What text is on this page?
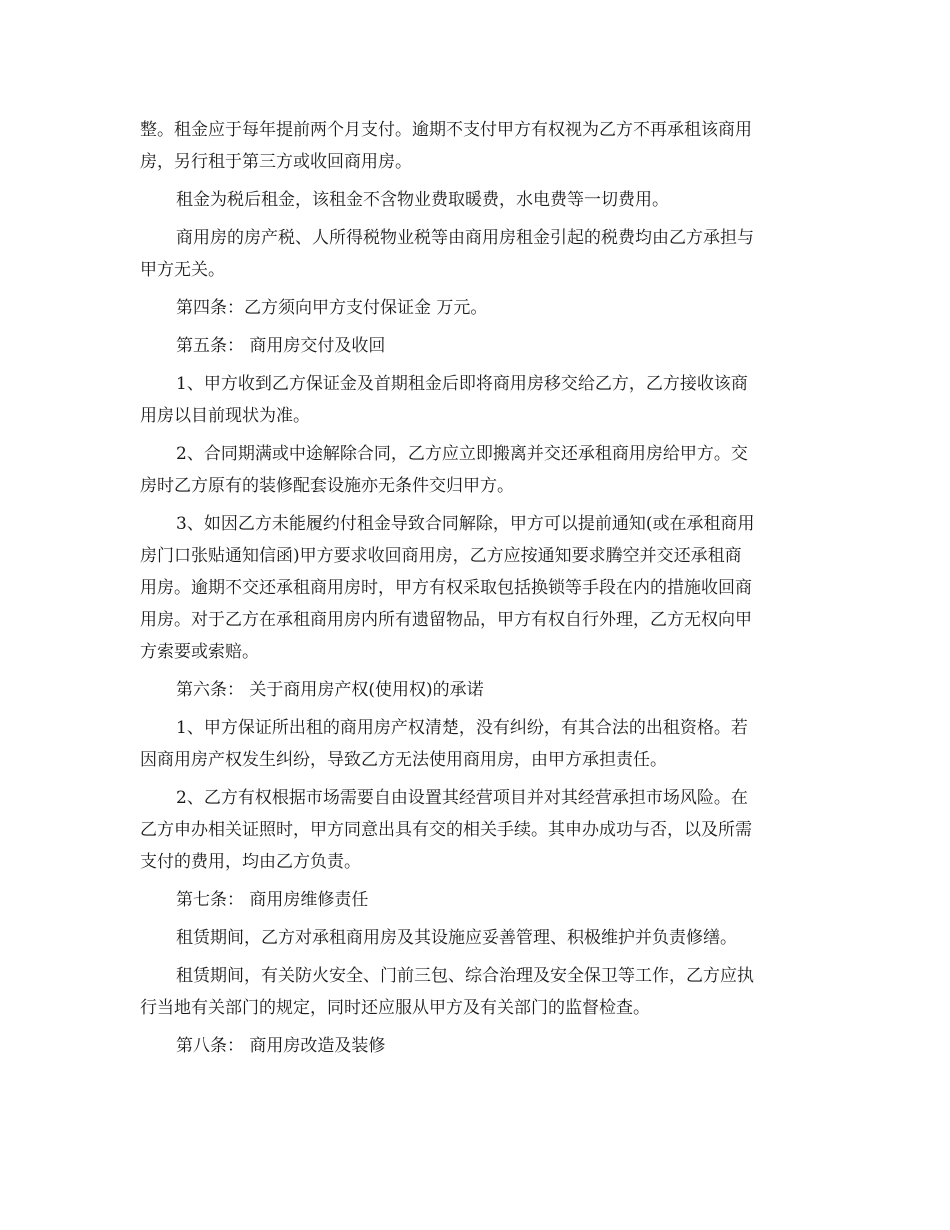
整。租金应于每年提前两个月支付。逾期不支付甲方有权视为乙方不再承租该商用
房，另行租于第三方或收回商用房。
租金为税后租金，该租金不含物业费取暖费，水电费等一切费用。
商用房的房产税、人所得税物业税等由商用房租金引起的税费均由乙方承担与
甲方无关。
第四条：乙方须向甲方支付保证金 万元。
第五条： 商用房交付及收回
1、甲方收到乙方保证金及首期租金后即将商用房移交给乙方，乙方接收该商
用房以目前现状为准。
2、合同期满或中途解除合同，乙方应立即搬离并交还承租商用房给甲方。交
房时乙方原有的装修配套设施亦无条件交归甲方。
3、如因乙方未能履约付租金导致合同解除，甲方可以提前通知(或在承租商用
房门口张贴通知信函)甲方要求收回商用房，乙方应按通知要求腾空并交还承租商
用房。逾期不交还承租商用房时，甲方有权采取包括换锁等手段在内的措施收回商
用房。对于乙方在承租商用房内所有遗留物品，甲方有权自行外理，乙方无权向甲
方索要或索赔。
第六条： 关于商用房产权(使用权)的承诺
1、甲方保证所出租的商用房产权清楚，没有纠纷，有其合法的出租资格。若
因商用房产权发生纠纷，导致乙方无法使用商用房，由甲方承担责任。
2、乙方有权根据市场需要自由设置其经营项目并对其经营承担市场风险。在
乙方申办相关证照时，甲方同意出具有交的相关手续。其申办成功与否，以及所需
支付的费用，均由乙方负责。
第七条： 商用房维修责任
租赁期间，乙方对承租商用房及其设施应妥善管理、积极维护并负责修缮。
租赁期间，有关防火安全、门前三包、综合治理及安全保卫等工作，乙方应执
行当地有关部门的规定，同时还应服从甲方及有关部门的监督检查。
第八条： 商用房改造及装修
